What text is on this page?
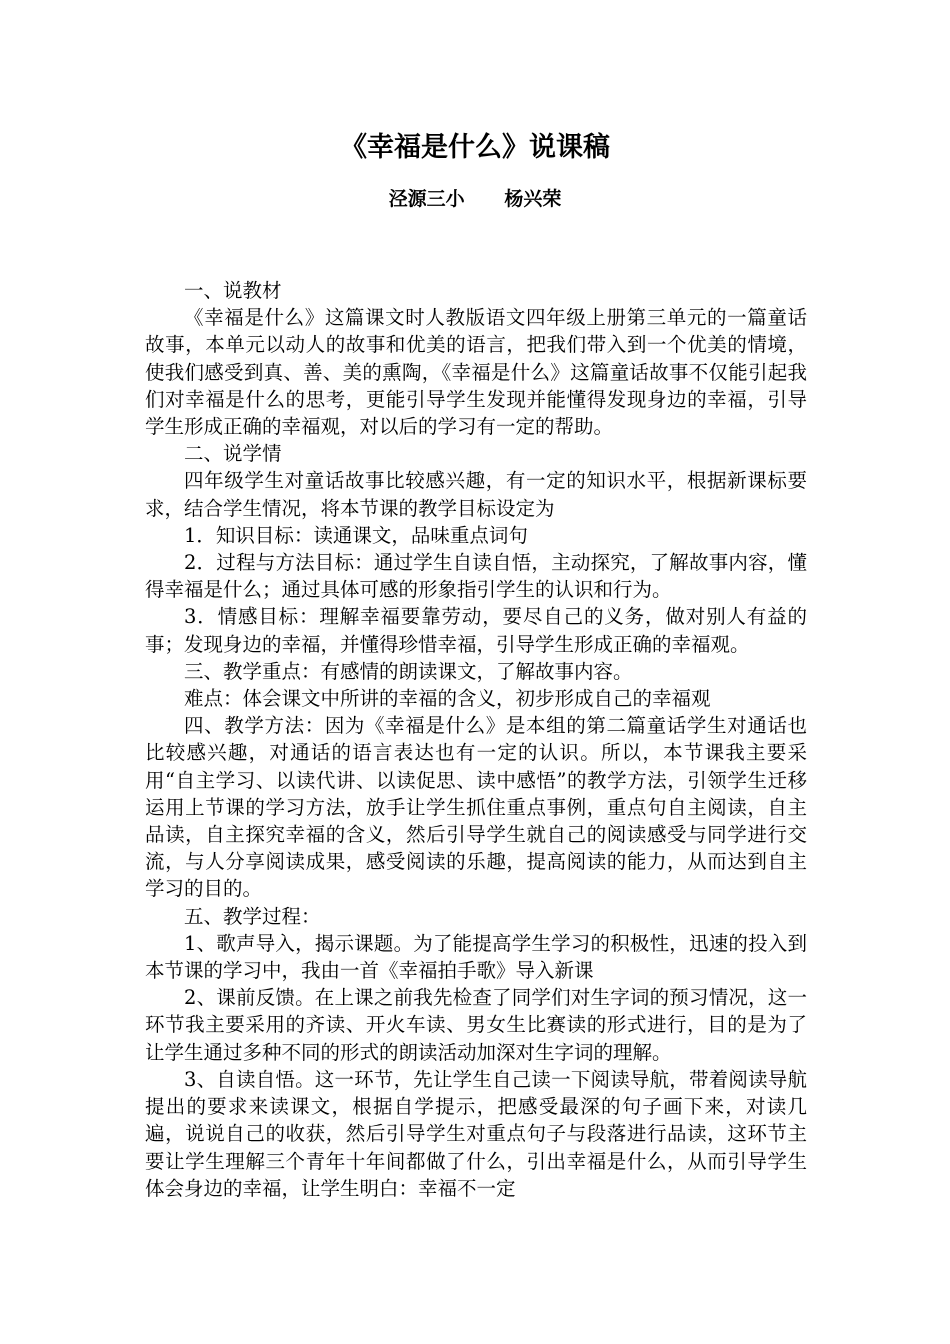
《幸福是什么》说课稿
泾源三小      杨兴荣

一、说教材

《幸福是什么》这篇课文时人教版语文四年级上册第三单元的一篇童话故事，本单元以动人的故事和优美的语言，把我们带入到一个优美的情境，使我们感受到真、善、美的熏陶，《幸福是什么》这篇童话故事不仅能引起我们对幸福是什么的思考，更能引导学生发现并能懂得发现身边的幸福，引导学生形成正确的幸福观，对以后的学习有一定的帮助。

二、说学情

四年级学生对童话故事比较感兴趣，有一定的知识水平，根据新课标要求，结合学生情况，将本节课的教学目标设定为

1．知识目标：读通课文，品味重点词句

2．过程与方法目标：通过学生自读自悟，主动探究，了解故事内容，懂得幸福是什么；通过具体可感的形象指引学生的认识和行为。

3．情感目标：理解幸福要靠劳动，要尽自己的义务，做对别人有益的事；发现身边的幸福，并懂得珍惜幸福，引导学生形成正确的幸福观。

三、教学重点：有感情的朗读课文，了解故事内容。

难点：体会课文中所讲的幸福的含义，初步形成自己的幸福观

四、教学方法：因为《幸福是什么》是本组的第二篇童话学生对通话也比较感兴趣，对通话的语言表达也有一定的认识。所以，本节课我主要采用“自主学习、以读代讲、以读促思、读中感悟”的教学方法，引领学生迁移运用上节课的学习方法，放手让学生抓住重点事例，重点句自主阅读，自主品读，自主探究幸福的含义，然后引导学生就自己的阅读感受与同学进行交流，与人分享阅读成果，感受阅读的乐趣，提高阅读的能力，从而达到自主学习的目的。

五、教学过程：

1、歌声导入，揭示课题。为了能提高学生学习的积极性，迅速的投入到本节课的学习中，我由一首《幸福拍手歌》导入新课

2、课前反馈。在上课之前我先检查了同学们对生字词的预习情况，这一环节我主要采用的齐读、开火车读、男女生比赛读的形式进行，目的是为了让学生通过多种不同的形式的朗读活动加深对生字词的理解。

3、自读自悟。这一环节，先让学生自己读一下阅读导航，带着阅读导航提出的要求来读课文，根据自学提示，把感受最深的句子画下来，对读几遍，说说自己的收获，然后引导学生对重点句子与段落进行品读，这环节主要让学生理解三个青年十年间都做了什么，引出幸福是什么，从而引导学生体会身边的幸福，让学生明白：幸福不一定
